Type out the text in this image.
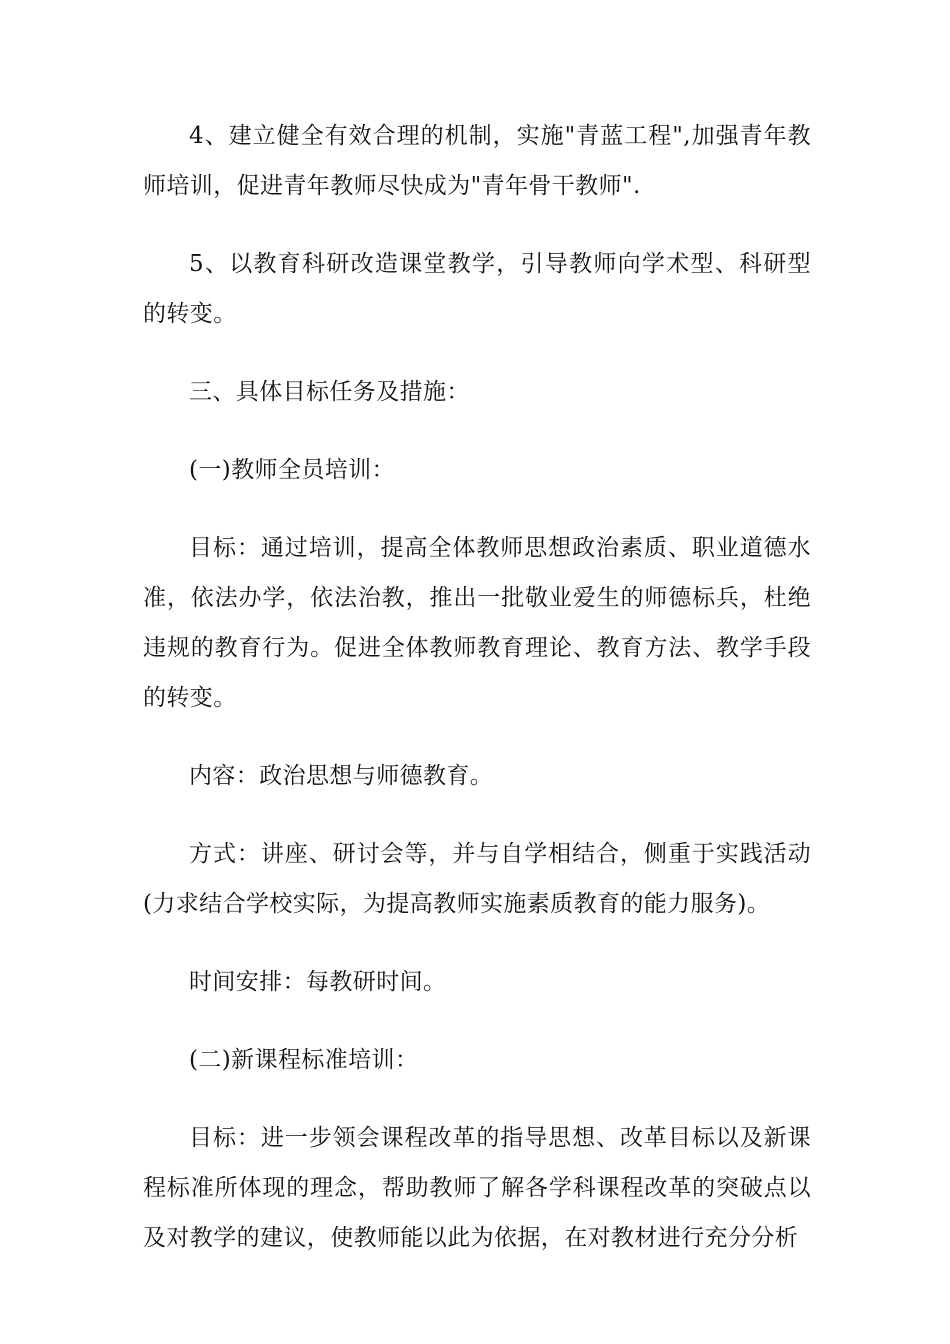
4、建立健全有效合理的机制，实施"青蓝工程",加强青年教师培训，促进青年教师尽快成为"青年骨干教师".

5、以教育科研改造课堂教学，引导教师向学术型、科研型的转变。

三、具体目标任务及措施：

(一)教师全员培训：

目标：通过培训，提高全体教师思想政治素质、职业道德水准，依法办学，依法治教，推出一批敬业爱生的师德标兵，杜绝违规的教育行为。促进全体教师教育理论、教育方法、教学手段的转变。

内容：政治思想与师德教育。

方式：讲座、研讨会等，并与自学相结合，侧重于实践活动(力求结合学校实际，为提高教师实施素质教育的能力服务)。

时间安排：每教研时间。

(二)新课程标准培训：

目标：进一步领会课程改革的指导思想、改革目标以及新课程标准所体现的理念，帮助教师了解各学科课程改革的突破点以及对教学的建议，使教师能以此为依据，在对教材进行充分分析
